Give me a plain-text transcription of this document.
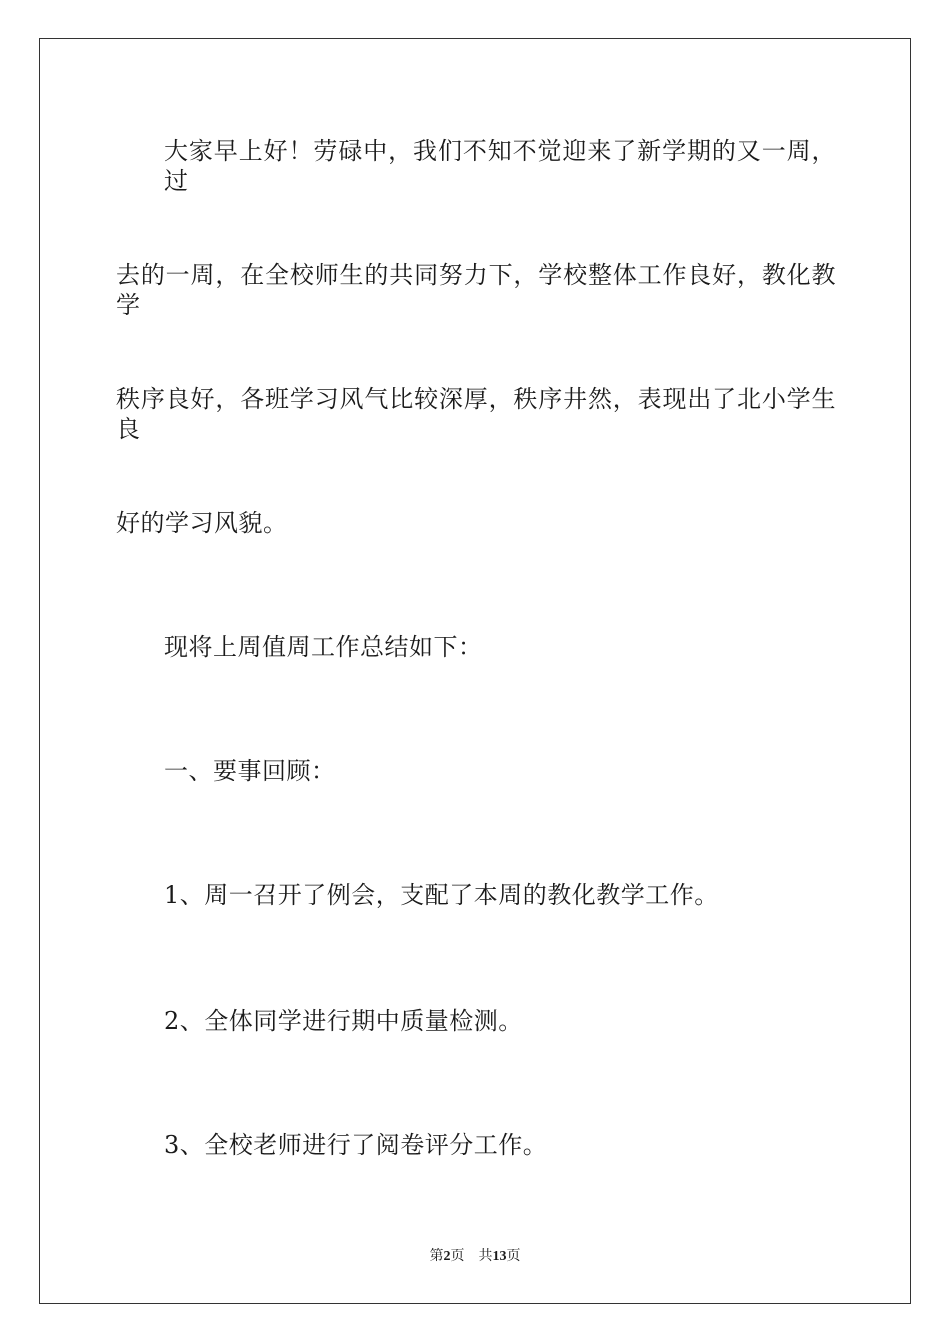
大家早上好！劳碌中，我们不知不觉迎来了新学期的又一周，过
去的一周，在全校师生的共同努力下，学校整体工作良好，教化教学
秩序良好，各班学习风气比较深厚，秩序井然，表现出了北小学生良
好的学习风貌。
现将上周值周工作总结如下：
一、要事回顾：
1、周一召开了例会，支配了本周的教化教学工作。
2、全体同学进行期中质量检测。
3、全校老师进行了阅卷评分工作。
第2页 共13页
